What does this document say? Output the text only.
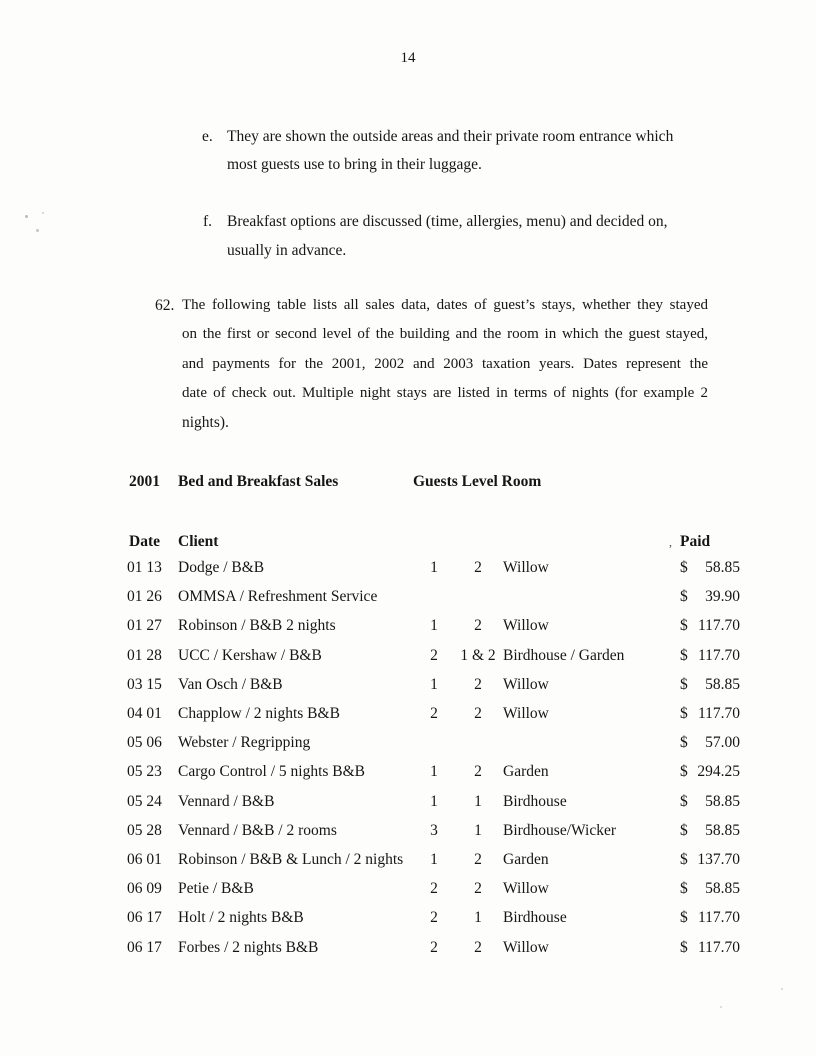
14
e. They are shown the outside areas and their private room entrance which
most guests use to bring in their luggage.
f. Breakfast options are discussed (time, allergies, menu) and decided on,
usually in advance.
62. The following table lists all sales data, dates of guest’s stays, whether they stayed
on the first or second level of the building and the room in which the guest stayed,
and payments for the 2001, 2002 and 2003 taxation years. Dates represent the
date of check out. Multiple night stays are listed in terms of nights (for example 2
nights).
2001 Bed and Breakfast Sales	Guests Level Room
Date Client	, Paid
01 13 Dodge / B&B	1	2	Willow	$	58.85
01 26 OMMSA / Refreshment Service	$	39.90
01 27 Robinson / B&B 2 nights	1	2	Willow	$ 117.70
01 28 UCC / Kershaw / B&B	2	1 & 2 Birdhouse / Garden	$ 117.70
03 15 Van Osch / B&B	1	2	Willow	$	58.85
04 01 Chapplow / 2 nights B&B	2	2	Willow	$ 117.70
05 06 Webster / Regripping	$	57.00
05 23 Cargo Control / 5 nights B&B	1	2	Garden	$ 294.25
05 24 Vennard / B&B	1	1	Birdhouse	$	58.85
05 28 Vennard / B&B / 2 rooms	3	1	Birdhouse/Wicker	$	58.85
06 01 Robinson / B&B & Lunch / 2 nights	1	2	Garden	$ 137.70
06 09 Petie / B&B	2	2	Willow	$	58.85
06 17 Holt / 2 nights B&B	2	1	Birdhouse	$ 117.70
06 17 Forbes / 2 nights B&B	2	2	Willow	$ 117.70
